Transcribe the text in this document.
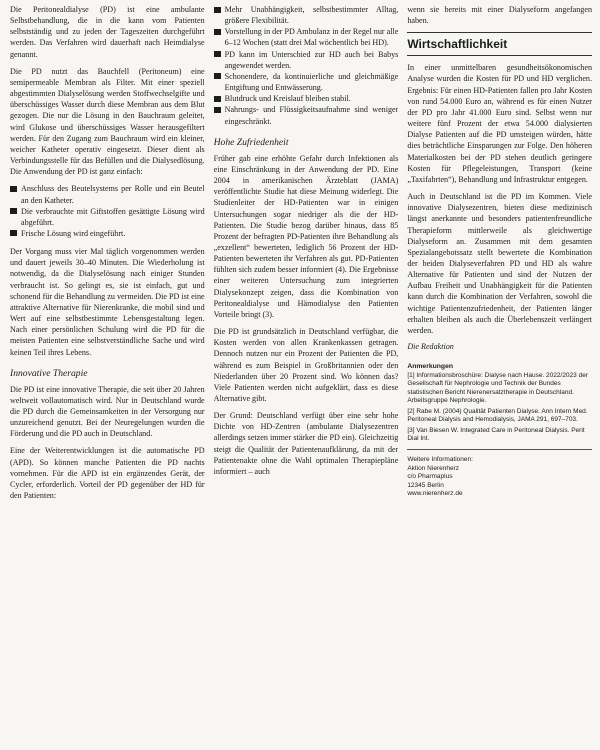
Die Peritonealdialyse (PD) ist eine ambulante Selbstbehandlung, die in die kann vom Patienten selbstständig und zu jeden der Tageszeiten durchgeführt werden. Das Verfahren wird dauerhaft nach Heimdialyse genannt.

Die PD nutzt das Bauchfell (Peritoneum) eine semipermeable Membran als Filter. Mit einer speziell abgestimmten Dialyselösung werden Stoffwechselgifte und überschüssiges Wasser durch diese Membran aus dem Blut gezogen. Die nur die Lösung in den Bauchraum geleitet, wird Glukose und überschüssiges Wasser herausgefiltert werden. Für den Zugang zum Bauchraum wird ein kleiner, weicher Katheter operativ eingesetzt. Dieser dient als Verbindungsstelle für das Befüllen und die Dialysedlösung. Die Anwendung der PD ist ganz einfach:

Anschluss des Beutelsystems per Rolle und ein Beutel an den Katheter.
Die verbrauchte mit Giftstoffen gesättigte Lösung wird abgeführt.
Frische Lösung wird eingeführt.

Der Vorgang muss vier Mal täglich vorgenommen werden und dauert jeweils 30–40 Minuten. Die Wiederholung ist notwendig, da die Dialyselösung nach einiger Stunden verbraucht ist. So gelingt es, sie ist einfach, gut und schonend für die Behandlung zu vermeiden. Die PD ist eine attraktive Alternative für Nierenkranke, die mobil sind und Wert auf eine selbstbestimmte Lebensgestaltung legen. Nach einer persönlichen Schulung wird die PD für die meisten Patienten eine selbstverständliche Sache und wird keinen Teil ihres Lebens.

Innovative Therapie

Die PD ist eine innovative Therapie, die seit über 20 Jahren weltweit vollautomatisch wird. Nur in Deutschland wurde die PD durch die Gemeinsamkeiten in der Versorgung nur unzureichend genutzt. Bei der Neuregelungen wurden die Förderung und die PD auch in Deutschland.

Eine der Weiterentwicklungen ist die automatische PD (APD). So können manche Patienten die PD nachts vornehmen. Für die APD ist ein ergänzendes Gerät, der Cycler, erforderlich. Vorteil der PD gegenüber der HD für den Patienten:

Mehr Unabhängigkeit, selbstbestimmter Alltag, größere Flexibilität.
Vorstellung in der PD Ambulanz in der Regel nur alle 6–12 Wochen (statt drei Mal wöchentlich bei HD).
PD kann im Unterschied zur HD auch bei Babys angewendet werden.
Schonendere, da kontinuierliche und gleichmäßige Entgiftung und Entwässerung.
Blutdruck und Kreislauf bleiben stabil.
Nahrungs- und Flüssigkeitsaufnahme sind weniger eingeschränkt.
Hohe Zufriedenheit

Früher gab eine erhöhte Gefahr durch Infektionen als eine Einschränkung in der Anwendung der PD. Eine 2004 in amerikanischen Ärzteblatt (JAMA) veröffentlichte Studie hat diese Meinung widerlegt. Die Studienleiter der HD-Patienten war in einigen Untersuchungen sogar niedriger als die der HD-Patienten. Die Studie bezog darüber hinaus, dass 85 Prozent der befragten PD-Patienten ihre Behandlung als „exzellent“ bewerteten, lediglich 56 Prozent der HD-Patienten bewerteten ihr Verfahren als gut. PD-Patienten fühlten sich zudem besser informiert (4). Die Ergebnisse einer weiteren Untersuchung zum integrierten Dialysekonzept zeigen, dass die Kombination von Peritonealdialyse und Hämodialyse den Patienten Vorteile bringt (3).

Die PD ist grundsätzlich in Deutschland verfügbar, die Kosten werden von allen Krankenkassen getragen. Dennoch nutzen nur ein Prozent der Patienten die PD, während es zum Beispiel in Großbritannien oder den Niederlanden über 20 Prozent sind. Wo können das? Viele Patienten werden nicht aufgeklärt, dass es diese Alternative gibt.

Der Grund: Deutschland verfügt über eine sehr hohe Dichte von HD-Zentren (ambulante Dialysezentren allerdings setzen immer stärker die PD ein). Gleichzeitig steigt die Qualität der Patientenaufklärung, da mit der Patientenakte ohne die Wahl optimalen Therapiepläne informiert – auch

wenn sie bereits mit einer Dialyseform angefangen haben.

Wirtschaftlichkeit

In einer unmittelbaren gesundheitsökonomischen Analyse wurden die Kosten für PD und HD verglichen. Ergebnis: Für einen HD-Patienten fallen pro Jahr Kosten von rund 54.000 Euro an, während es für einen Nutzer der PD pro Jahr 41.000 Euro sind. Selbst wenn nur weitere fünf Prozent der etwa 54.000 dialysierten Dialyse Patienten auf die PD umsteigen würden, hätte dies beträchtliche Einsparungen zur Folge. Den höheren Materialkosten bei der PD stehen deutlich geringere Kosten für Pflegeleistungen, Transport (keine „Taxifahrten“), Behandlung und Infrastruktur entgegen.

Auch in Deutschland ist die PD im Kommen. Viele innovative Dialysezentren, bieten diese medizinisch längst anerkannte und besonders patientenfreundliche Therapieform mittlerweile als gleichwertige Dialyseform an. Zusammen mit dem gesamten Spezialangebotssatz stellt bewertete die Kombination der beiden Dialyseverfahren PD und HD als wahre Alternative für Patienten und sind der Nutzen der Aufbau Freiheit und Unabhängigkeit für die Patienten kann durch die Kombination der Verfahren, sowohl die wichtige Patientenzufriedenheit, der Patienten länger erhalten bleiben als auch die Überlebenszeit verlängert werden.

Die Redaktion
Anmerkungen

[1] Informationsbroschüre: Dialyse nach Hause. 2022/2023 der Gesellschaft für Nephrologie und Technik der Bundes statistischen Bericht Nierenersatztherapie in Deutschland. Arbeitsgruppe Nephrologie.

[2] Rabe M. (2004) Qualität Patienten Dialyse. Ann Intern Med. Peritoneal Dialysis and Hemodialysis, JAMA 291, 697–703.

[3] Van Biesen W. Integrated Care in Peritoneal Dialysis. Perit Dial Int.

Weitere Informationen:

Aktion Nierenherz

c/o Pharmaplus

12345 Berlin

www.nierenherz.de
